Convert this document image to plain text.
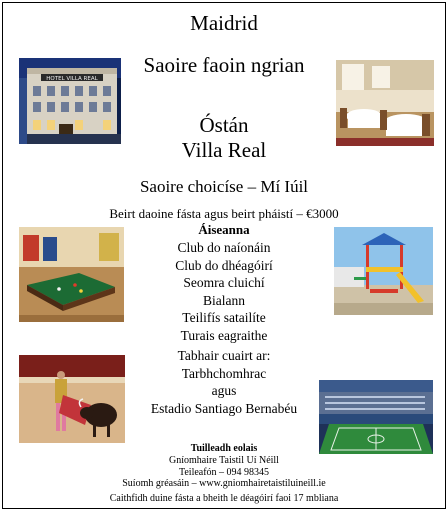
Maidrid
Saoire faoin ngrian
Óstán
Villa Real
Saoire choicíse – Mí Iúil
Beirt daoine fásta agus beirt pháistí – €3000
Áiseanna
Club do naíonáin
Club do dhéagóirí
Seomra cluichí
Bialann
Teilifís satailíte
Turais eagraithe
Tabhair cuairt ar:
Tarbhchomhrac
agus
Estadio Santiago Bernabéu
Tuilleadh eolais
Gníomhaire Taistil Uí Néill
Teileafón – 094 98345
Suíomh gréasáin – www.gniomhairetaistiluineill.ie
Caithfidh duine fásta a bheith le déagóirí faoi 17 mbliana
HOTEL VILLA REAL
